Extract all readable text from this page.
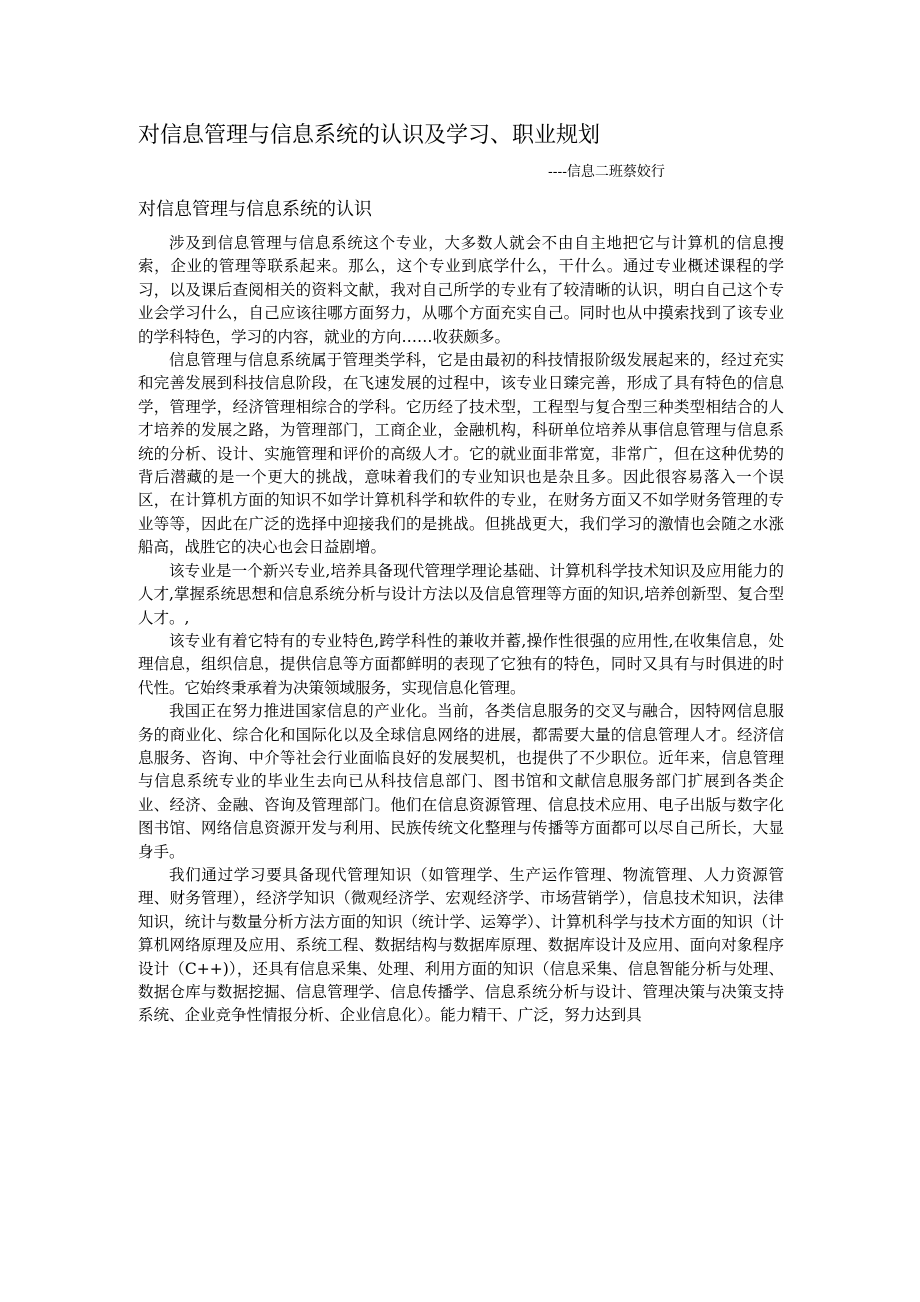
对信息管理与信息系统的认识及学习、职业规划
----信息二班蔡姣行
对信息管理与信息系统的认识

涉及到信息管理与信息系统这个专业，大多数人就会不由自主地把它与计算机的信息搜索，企业的管理等联系起来。那么，这个专业到底学什么，干什么。通过专业概述课程的学习，以及课后查阅相关的资料文献，我对自己所学的专业有了较清晰的认识，明白自己这个专业会学习什么，自己应该往哪方面努力，从哪个方面充实自己。同时也从中摸索找到了该专业的学科特色，学习的内容，就业的方向……收获颇多。

信息管理与信息系统属于管理类学科，它是由最初的科技情报阶级发展起来的，经过充实和完善发展到科技信息阶段，在飞速发展的过程中，该专业日臻完善，形成了具有特色的信息学，管理学，经济管理相综合的学科。它历经了技术型，工程型与复合型三种类型相结合的人才培养的发展之路，为管理部门，工商企业，金融机构，科研单位培养从事信息管理与信息系统的分析、设计、实施管理和评价的高级人才。它的就业面非常宽，非常广，但在这种优势的背后潜藏的是一个更大的挑战，意味着我们的专业知识也是杂且多。因此很容易落入一个误区，在计算机方面的知识不如学计算机科学和软件的专业，在财务方面又不如学财务管理的专业等等，因此在广泛的选择中迎接我们的是挑战。但挑战更大，我们学习的激情也会随之水涨船高，战胜它的决心也会日益剧增。

该专业是一个新兴专业,培养具备现代管理学理论基础、计算机科学技术知识及应用能力的人才,掌握系统思想和信息系统分析与设计方法以及信息管理等方面的知识,培养创新型、复合型人才。,

该专业有着它特有的专业特色,跨学科性的兼收并蓄,操作性很强的应用性,在收集信息，处理信息，组织信息，提供信息等方面都鲜明的表现了它独有的特色，同时又具有与时俱进的时代性。它始终秉承着为决策领域服务，实现信息化管理。

我国正在努力推进国家信息的产业化。当前，各类信息服务的交叉与融合，因特网信息服务的商业化、综合化和国际化以及全球信息网络的进展，都需要大量的信息管理人才。经济信息服务、咨询、中介等社会行业面临良好的发展契机，也提供了不少职位。近年来，信息管理与信息系统专业的毕业生去向已从科技信息部门、图书馆和文献信息服务部门扩展到各类企业、经济、金融、咨询及管理部门。他们在信息资源管理、信息技术应用、电子出版与数字化图书馆、网络信息资源开发与利用、民族传统文化整理与传播等方面都可以尽自己所长，大显身手。

我们通过学习要具备现代管理知识（如管理学、生产运作管理、物流管理、人力资源管理、财务管理），经济学知识（微观经济学、宏观经济学、市场营销学），信息技术知识，法律知识，统计与数量分析方法方面的知识（统计学、运筹学）、计算机科学与技术方面的知识（计算机网络原理及应用、系统工程、数据结构与数据库原理、数据库设计及应用、面向对象程序设计（C++)），还具有信息采集、处理、利用方面的知识（信息采集、信息智能分析与处理、数据仓库与数据挖掘、信息管理学、信息传播学、信息系统分析与设计、管理决策与决策支持系统、企业竞争性情报分析、企业信息化）。能力精干、广泛，努力达到具
